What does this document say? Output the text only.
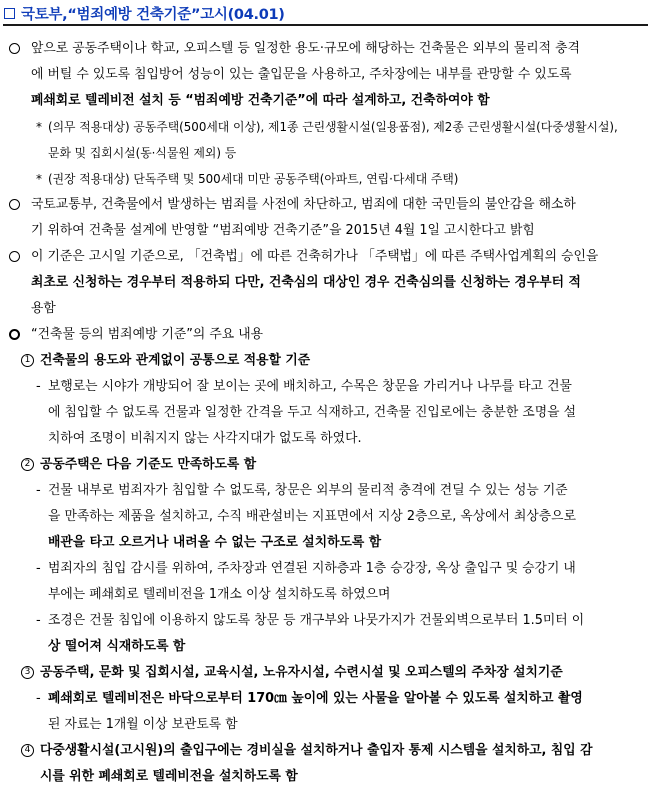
국토부,“범죄예방 건축기준”고시(04.01)
앞으로 공동주택이나 학교, 오피스텔 등 일정한 용도·규모에 해당하는 건축물은 외부의 물리적 충격
에 버틸 수 있도록 침입방어 성능이 있는 출입문을 사용하고, 주차장에는 내부를 관망할 수 있도록
폐쇄회로 텔레비전 설치 등 “범죄예방 건축기준”에 따라 설계하고, 건축하여야 함
* (의무 적용대상) 공동주택(500세대 이상), 제1종 근린생활시설(일용품점), 제2종 근린생활시설(다중생활시설),
문화 및 집회시설(동·식물원 제외) 등
* (권장 적용대상) 단독주택 및 500세대 미만 공동주택(아파트, 연립·다세대 주택)
국토교통부, 건축물에서 발생하는 범죄를 사전에 차단하고, 범죄에 대한 국민들의 불안감을 해소하
기 위하여 건축물 설계에 반영할 “범죄예방 건축기준”을 2015년 4월 1일 고시한다고 밝힘
이 기준은 고시일 기준으로, 「건축법」에 따른 건축허가나 「주택법」에 따른 주택사업계획의 승인을
최초로 신청하는 경우부터 적용하되 다만, 건축심의 대상인 경우 건축심의를 신청하는 경우부터 적
용함
“건축물 등의 범죄예방 기준”의 주요 내용
1 건축물의 용도와 관계없이 공통으로 적용할 기준
- 보행로는 시야가 개방되어 잘 보이는 곳에 배치하고, 수목은 창문을 가리거나 나무를 타고 건물
에 침입할 수 없도록 건물과 일정한 간격을 두고 식재하고, 건축물 진입로에는 충분한 조명을 설
치하여 조명이 비춰지지 않는 사각지대가 없도록 하였다.
2 공동주택은 다음 기준도 만족하도록 함
- 건물 내부로 범죄자가 침입할 수 없도록, 창문은 외부의 물리적 충격에 견딜 수 있는 성능 기준
을 만족하는 제품을 설치하고, 수직 배관설비는 지표면에서 지상 2층으로, 옥상에서 최상층으로
배관을 타고 오르거나 내려올 수 없는 구조로 설치하도록 함
- 범죄자의 침입 감시를 위하여, 주차장과 연결된 지하층과 1층 승강장, 옥상 출입구 및 승강기 내
부에는 폐쇄회로 텔레비전을 1개소 이상 설치하도록 하였으며
- 조경은 건물 침입에 이용하지 않도록 창문 등 개구부와 나뭇가지가 건물외벽으로부터 1.5미터 이
상 떨어져 식재하도록 함
3 공동주택, 문화 및 집회시설, 교육시설, 노유자시설, 수련시설 및 오피스텔의 주차장 설치기준
- 폐쇄회로 텔레비전은 바닥으로부터 170㎝ 높이에 있는 사물을 알아볼 수 있도록 설치하고 촬영
된 자료는 1개월 이상 보관토록 함
4 다중생활시설(고시원)의 출입구에는 경비실을 설치하거나 출입자 통제 시스템을 설치하고, 침입 감
시를 위한 폐쇄회로 텔레비전을 설치하도록 함
